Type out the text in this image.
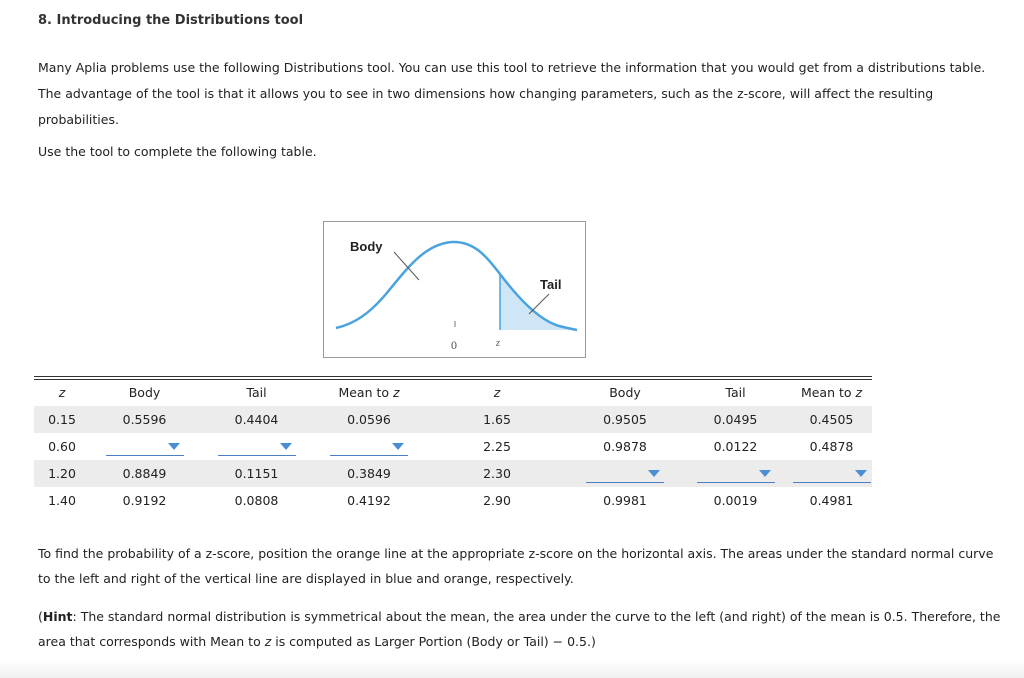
8. Introducing the Distributions tool
Many Aplia problems use the following Distributions tool. You can use this tool to retrieve the information that you would get from a distributions table. The advantage of the tool is that it allows you to see in two dimensions how changing parameters, such as the z-score, will affect the resulting probabilities.
Use the tool to complete the following table.
Body
Tail
0	z
z	Body	Tail	Mean to z	z	Body	Tail	Mean to z
0.15	0.5596	0.4404	0.0596	1.65	0.9505	0.0495	0.4505
0.60				2.25	0.9878	0.0122	0.4878
1.20	0.8849	0.1151	0.3849	2.30	

1.40	0.9192	0.0808	0.4192	2.90	0.9981	0.0019	0.4981
To find the probability of a z-score, position the orange line at the appropriate z-score on the horizontal axis. The areas under the standard normal curve to the left and right of the vertical line are displayed in blue and orange, respectively.
(Hint: The standard normal distribution is symmetrical about the mean, the area under the curve to the left (and right) of the mean is 0.5. Therefore, the area that corresponds with Mean to z is computed as Larger Portion (Body or Tail) − 0.5.)
